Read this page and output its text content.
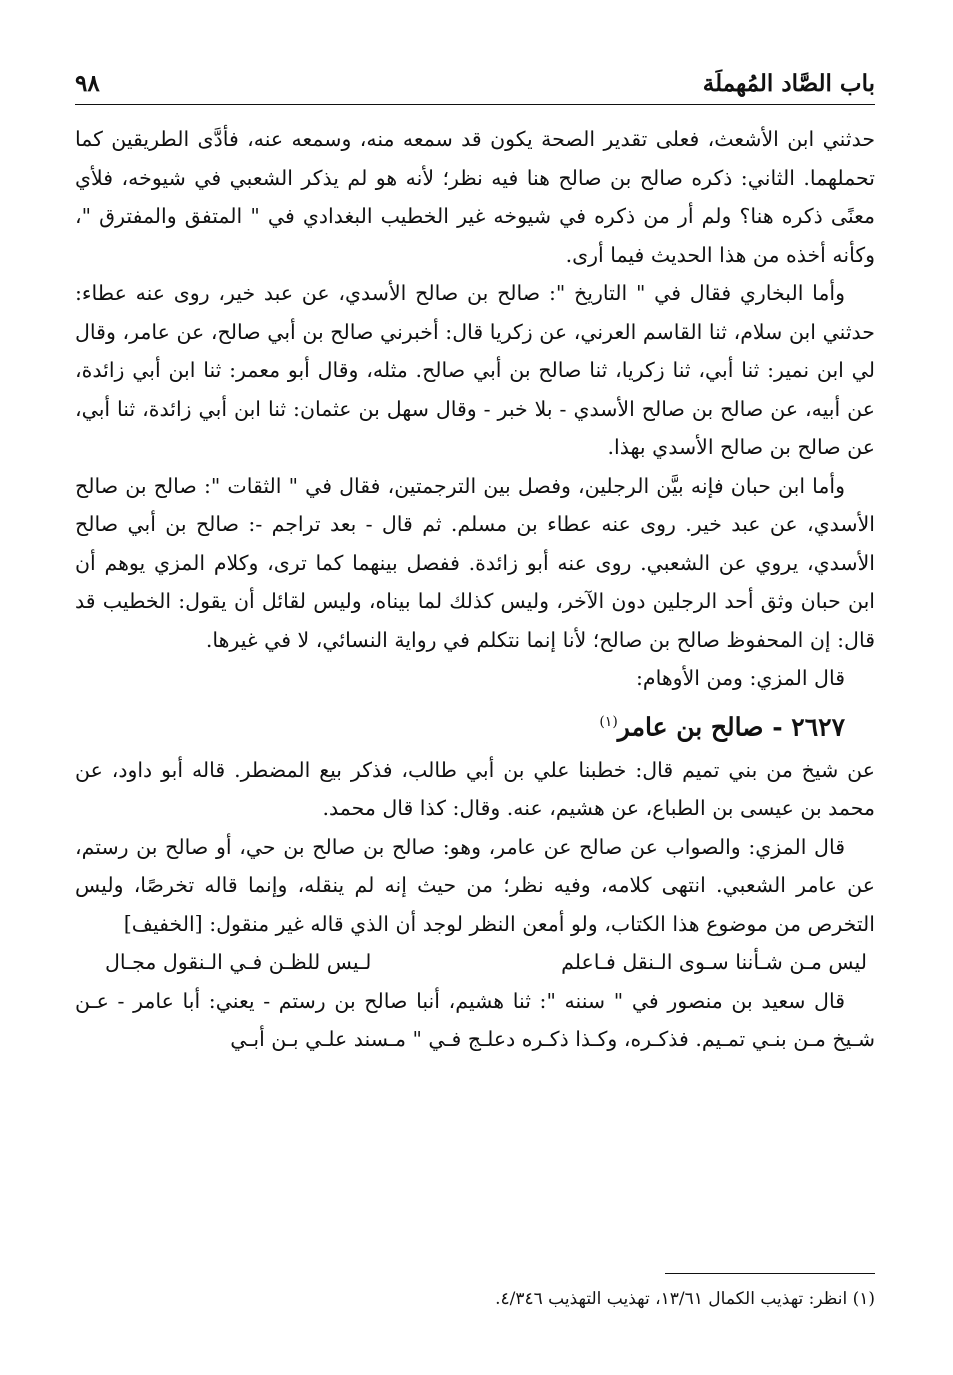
باب الصَّاد المُهملَة
٩٨

حدثني ابن الأشعث، فعلى تقدير الصحة يكون قد سمعه منه، وسمعه عنه، فأدَّى الطريقين كما تحملهما. الثاني: ذكره صالح بن صالح هنا فيه نظر؛ لأنه هو لم يذكر الشعبي في شيوخه، فلأي معنًى ذكره هنا؟ ولم أر من ذكره في شيوخه غير الخطيب البغدادي في " المتفق والمفترق "، وكأنه أخذه من هذا الحديث فيما أرى.

وأما البخاري فقال في " التاريخ ": صالح بن صالح الأسدي، عن عبد خير، روى عنه عطاء: حدثني ابن سلام، ثنا القاسم العرني، عن زكريا قال: أخبرني صالح بن أبي صالح، عن عامر، وقال لي ابن نمير: ثنا أبي، ثنا زكريا، ثنا صالح بن أبي صالح. مثله، وقال أبو معمر: ثنا ابن أبي زائدة، عن أبيه، عن صالح بن صالح الأسدي - بلا خبر - وقال سهل بن عثمان: ثنا ابن أبي زائدة، ثنا أبي، عن صالح بن صالح الأسدي بهذا.

وأما ابن حبان فإنه بيَّن الرجلين، وفصل بين الترجمتين، فقال في " الثقات ": صالح بن صالح الأسدي، عن عبد خير. روى عنه عطاء بن مسلم. ثم قال - بعد تراجم -: صالح بن أبي صالح الأسدي، يروي عن الشعبي. روى عنه أبو زائدة. ففصل بينهما كما ترى، وكلام المزي يوهم أن ابن حبان وثق أحد الرجلين دون الآخر، وليس كذلك لما بيناه، وليس لقائل أن يقول: الخطيب قد قال: إن المحفوظ صالح بن صالح؛ لأنا إنما نتكلم في رواية النسائي، لا في غيرها.

قال المزي: ومن الأوهام:

٢٦٢٧ - صالح بن عامر$^{(١)}$

عن شيخ من بني تميم قال: خطبنا علي بن أبي طالب، فذكر بيع المضطر. قاله أبو داود، عن محمد بن عيسى بن الطباع، عن هشيم، عنه. وقال: كذا قال محمد.

قال المزي: والصواب عن صالح عن عامر، وهو: صالح بن صالح بن حي، أو صالح بن رستم، عن عامر الشعبي. انتهى كلامه، وفيه نظر؛ من حيث إنه لم ينقله، وإنما قاله تخرصًا، وليس التخرص من موضوع هذا الكتاب، ولو أمعن النظر لوجد أن الذي قاله غير منقول: [الخفيف]

ليس مـن شـأننا سـوى الـنقل فـاعلم
لـيس للظـن فـي الـنقول مجـال

قال سعيد بن منصور في " سننه ": ثنا هشيم، أنبا صالح بن رستم - يعني: أبا عامر - عـن شـيخ مـن بنـي تمـيم. فذكـره، وكـذا ذكـره دعلـج فـي " مـسند علـي بـن أبـي

(١) انظر: تهذيب الكمال ١٣/٦١، تهذيب التهذيب ٤/٣٤٦.
